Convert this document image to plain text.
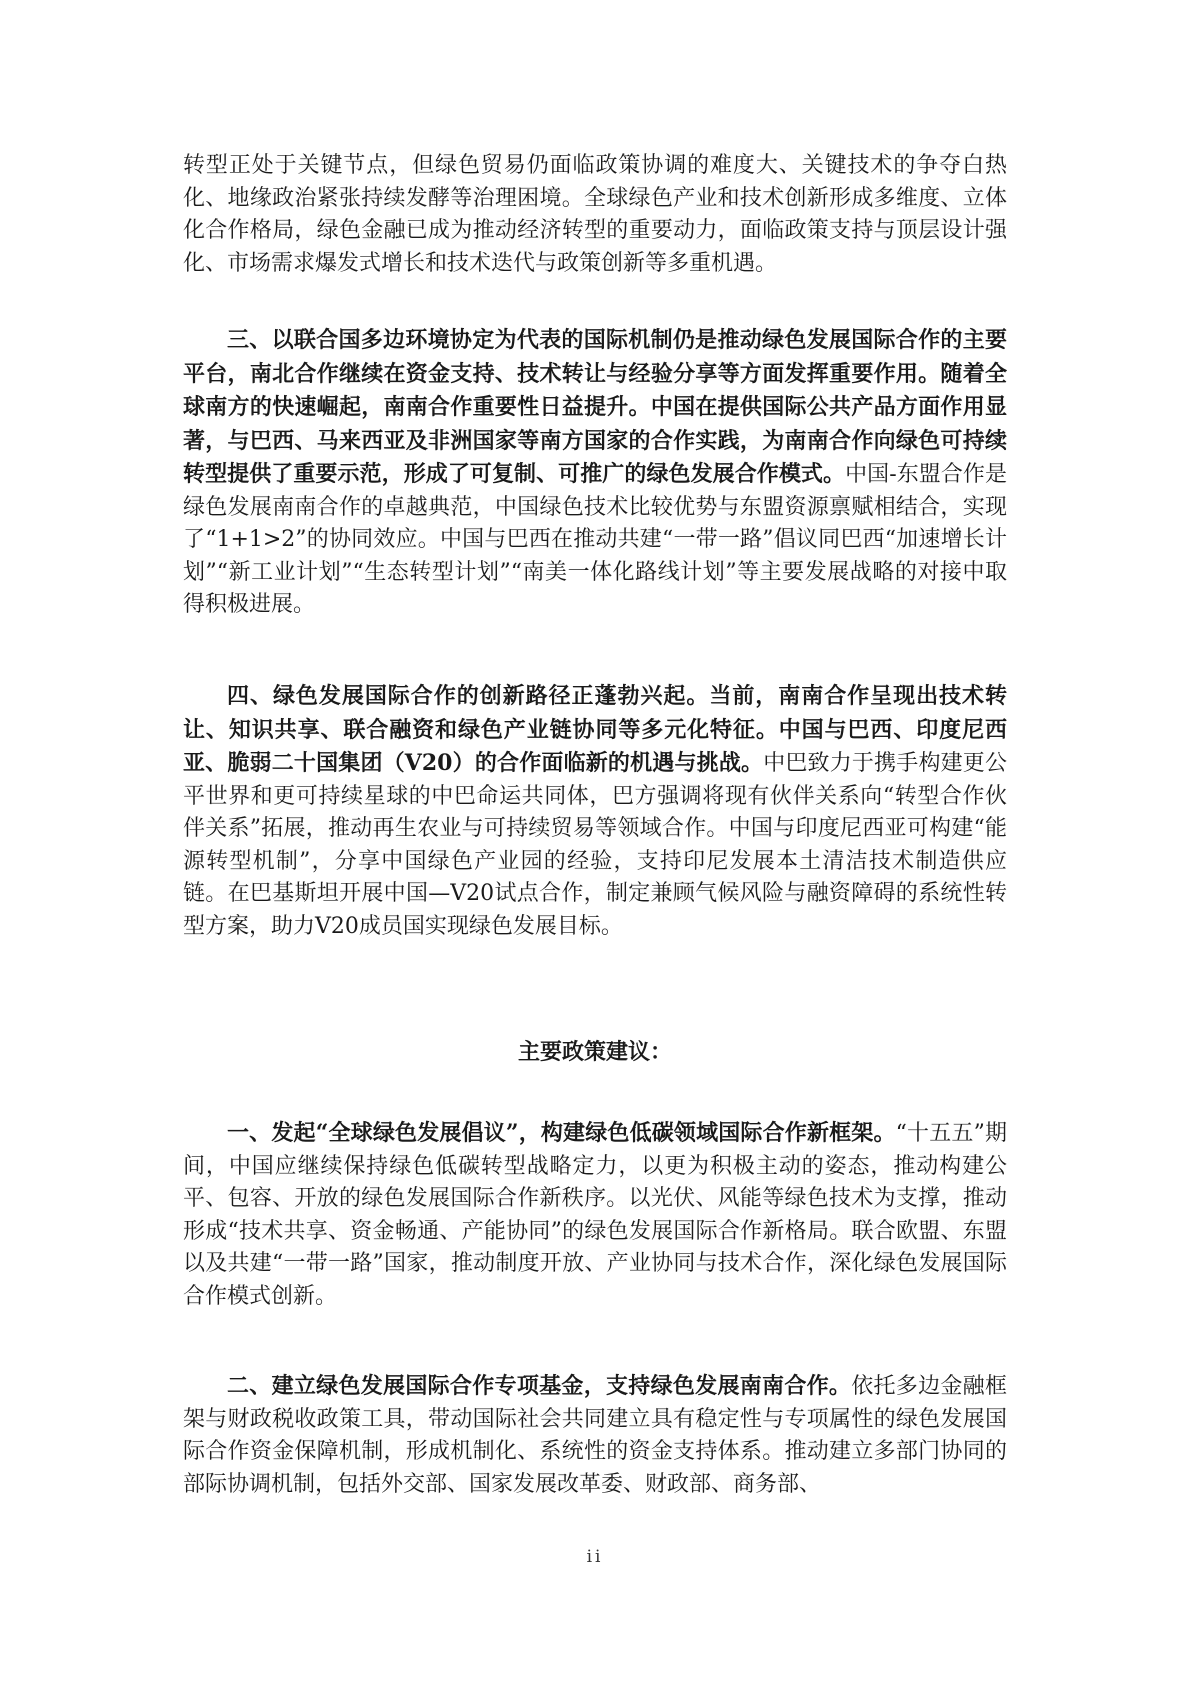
转型正处于关键节点，但绿色贸易仍面临政策协调的难度大、关键技术的争夺白热化、地缘政治紧张持续发酵等治理困境。全球绿色产业和技术创新形成多维度、立体化合作格局，绿色金融已成为推动经济转型的重要动力，面临政策支持与顶层设计强化、市场需求爆发式增长和技术迭代与政策创新等多重机遇。
三、以联合国多边环境协定为代表的国际机制仍是推动绿色发展国际合作的主要平台，南北合作继续在资金支持、技术转让与经验分享等方面发挥重要作用。随着全球南方的快速崛起，南南合作重要性日益提升。中国在提供国际公共产品方面作用显著，与巴西、马来西亚及非洲国家等南方国家的合作实践，为南南合作向绿色可持续转型提供了重要示范，形成了可复制、可推广的绿色发展合作模式。中国-东盟合作是绿色发展南南合作的卓越典范，中国绿色技术比较优势与东盟资源禀赋相结合，实现了“1+1>2”的协同效应。中国与巴西在推动共建“一带一路”倡议同巴西“加速增长计划”“新工业计划”“生态转型计划”“南美一体化路线计划”等主要发展战略的对接中取得积极进展。
四、绿色发展国际合作的创新路径正蓬勃兴起。当前，南南合作呈现出技术转让、知识共享、联合融资和绿色产业链协同等多元化特征。中国与巴西、印度尼西亚、脆弱二十国集团（V20）的合作面临新的机遇与挑战。中巴致力于携手构建更公平世界和更可持续星球的中巴命运共同体，巴方强调将现有伙伴关系向“转型合作伙伴关系”拓展，推动再生农业与可持续贸易等领域合作。中国与印度尼西亚可构建“能源转型机制”，分享中国绿色产业园的经验，支持印尼发展本土清洁技术制造供应链。在巴基斯坦开展中国—V20试点合作，制定兼顾气候风险与融资障碍的系统性转型方案，助力V20成员国实现绿色发展目标。
主要政策建议：
一、发起“全球绿色发展倡议”，构建绿色低碳领域国际合作新框架。“十五五”期间，中国应继续保持绿色低碳转型战略定力，以更为积极主动的姿态，推动构建公平、包容、开放的绿色发展国际合作新秩序。以光伏、风能等绿色技术为支撑，推动形成“技术共享、资金畅通、产能协同”的绿色发展国际合作新格局。联合欧盟、东盟以及共建“一带一路”国家，推动制度开放、产业协同与技术合作，深化绿色发展国际合作模式创新。
二、建立绿色发展国际合作专项基金，支持绿色发展南南合作。依托多边金融框架与财政税收政策工具，带动国际社会共同建立具有稳定性与专项属性的绿色发展国际合作资金保障机制，形成机制化、系统性的资金支持体系。推动建立多部门协同的部际协调机制，包括外交部、国家发展改革委、财政部、商务部、
ii
